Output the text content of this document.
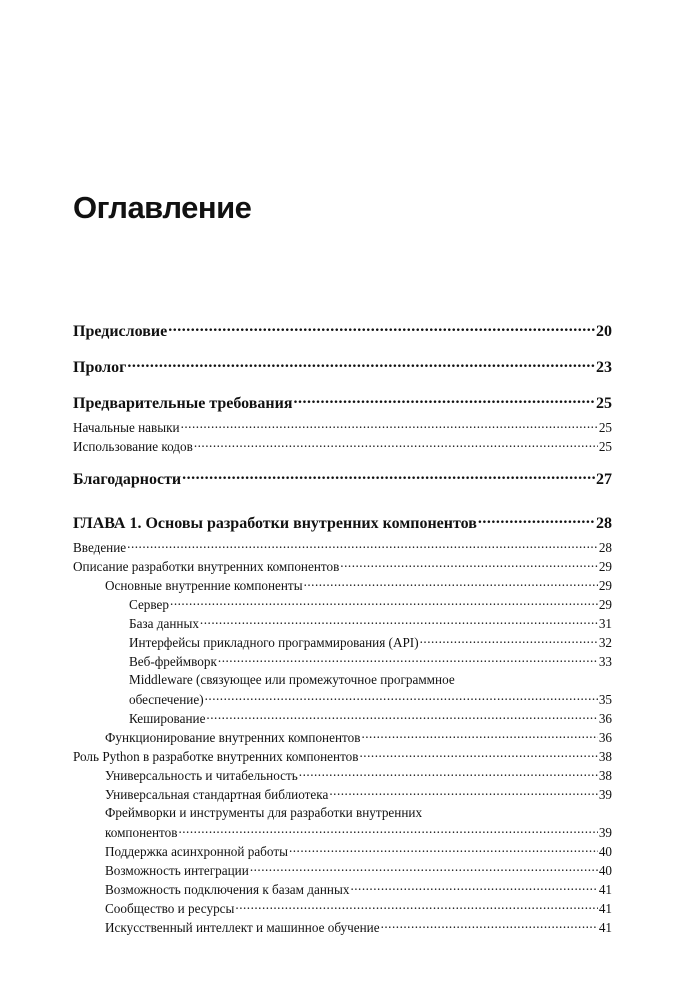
Оглавление
Предисловие .....	20
Пролог .....	23
Предварительные требования .....	25
Начальные навыки .....	25
Использование кодов .....	25
Благодарности .....	27
ГЛАВА 1. Основы разработки внутренних компонентов .....	28
Введение .....	28
Описание разработки внутренних компонентов .....	29
Основные внутренние компоненты .....	29
Сервер .....	29
База данных .....	31
Интерфейсы прикладного программирования (API) .....	32
Веб-фреймворк .....	33
Middleware (связующее или промежуточное программное
обеспечение) .....	35
Кеширование .....	36
Функционирование внутренних компонентов .....	36
Роль Python в разработке внутренних компонентов .....	38
Универсальность и читабельность .....	38
Универсальная стандартная библиотека .....	39
Фреймворки и инструменты для разработки внутренних
компонентов .....	39
Поддержка асинхронной работы .....	40
Возможность интеграции .....	40
Возможность подключения к базам данных .....	41
Сообщество и ресурсы .....	41
Искусственный интеллект и машинное обучение .....	41
